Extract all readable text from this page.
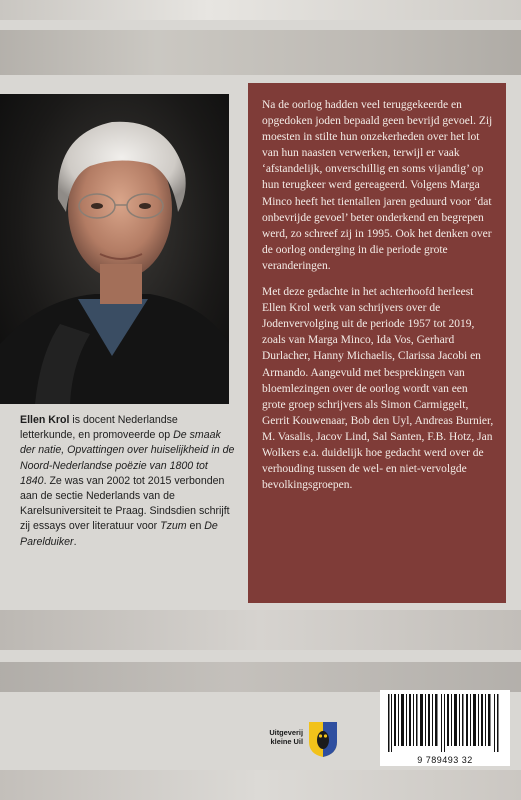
Ellen Krol is docent Nederlandse letterkunde, en promoveerde op De smaak der natie, Opvattingen over huiselijkheid in de Noord-Nederlandse poëzie van 1800 tot 1840. Ze was van 2002 tot 2015 verbonden aan de sectie Nederlands van de Karelsuniversiteit te Praag. Sindsdien schrijft zij essays over literatuur voor Tzum en De Parelduiker.

Na de oorlog hadden veel teruggekeerde en opgedoken joden bepaald geen bevrijd gevoel. Zij moesten in stilte hun onzekerheden over het lot van hun naasten verwerken, terwijl er vaak ‘afstandelijk, onverschillig en soms vijandig’ op hun terugkeer werd gereageerd. Volgens Marga Minco heeft het tientallen jaren geduurd voor ‘dat onbevrijde gevoel’ beter onderkend en begrepen werd, zo schreef zij in 1995. Ook het denken over de oorlog onderging in die periode grote veranderingen.

Met deze gedachte in het achterhoofd herleest Ellen Krol werk van schrijvers over de Jodenvervolging uit de periode 1957 tot 2019, zoals van Marga Minco, Ida Vos, Gerhard Durlacher, Hanny Michaelis, Clarissa Jacobi en Armando. Aangevuld met besprekingen van bloemlezingen over de oorlog wordt van een grote groep schrijvers als Simon Carmiggelt, Gerrit Kouwenaar, Bob den Uyl, Andreas Burnier, M. Vasalis, Jacov Lind, Sal Santen, F.B. Hotz, Jan Wolkers e.a. duidelijk hoe gedacht werd over de verhouding tussen de wel- en niet-vervolgde bevolkingsgroepen.

Uitgeverij
kleine Uil
9 789493 32
